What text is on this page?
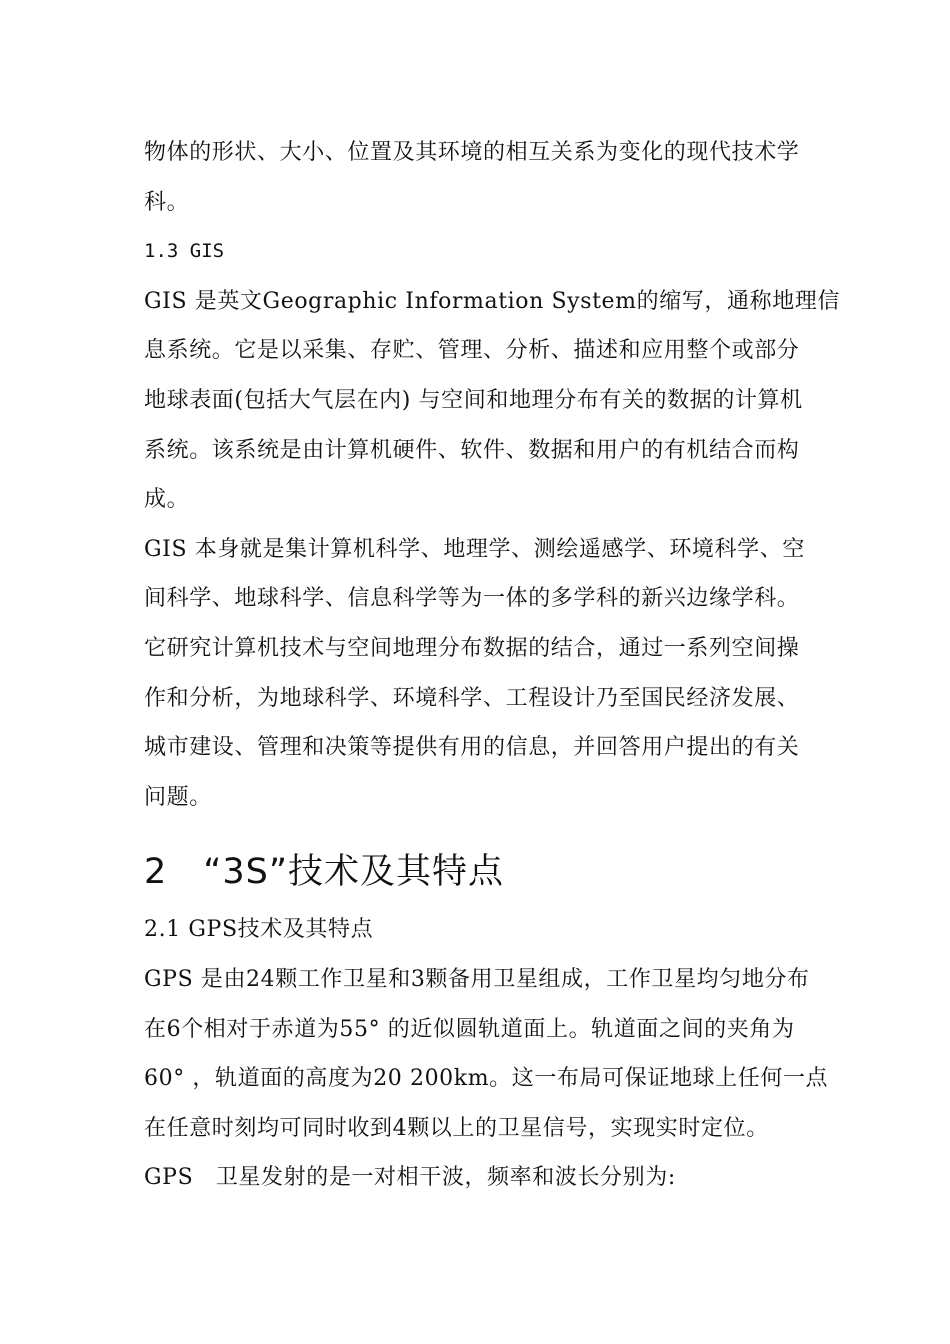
物体的形状、大小、位置及其环境的相互关系为变化的现代技术学
科。
1.3 GIS
GIS 是英文Geographic Information System的缩写，通称地理信
息系统。它是以采集、存贮、管理、分析、描述和应用整个或部分
地球表面(包括大气层在内) 与空间和地理分布有关的数据的计算机
系统。该系统是由计算机硬件、软件、数据和用户的有机结合而构
成。
GIS 本身就是集计算机科学、地理学、测绘遥感学、环境科学、空
间科学、地球科学、信息科学等为一体的多学科的新兴边缘学科。
它研究计算机技术与空间地理分布数据的结合，通过一系列空间操
作和分析，为地球科学、环境科学、工程设计乃至国民经济发展、
城市建设、管理和决策等提供有用的信息，并回答用户提出的有关
问题。
2　“3S”技术及其特点
2.1 GPS技术及其特点
GPS 是由24颗工作卫星和3颗备用卫星组成，工作卫星均匀地分布
在6个相对于赤道为55° 的近似圆轨道面上。轨道面之间的夹角为
60° ，轨道面的高度为20 200km。这一布局可保证地球上任何一点
在任意时刻均可同时收到4颗以上的卫星信号，实现实时定位。
GPS　卫星发射的是一对相干波，频率和波长分别为:
